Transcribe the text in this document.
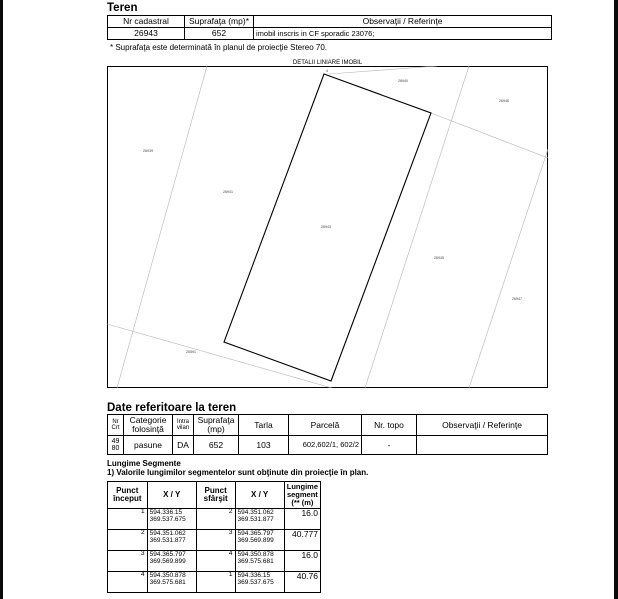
Teren
Nr cadastral	Suprafaţa (mp)*	Observaţii / Referinţe
26943	652	imobil inscris in CF sporadic 23076;
* Suprafaţa este determinată în planul de proiecţie Stereo 70.
DETALII LINIARE IMOBIL
26943
26939
26941
26945
26947
26946
26940
25591
4
Date referitoare la teren
Nr Crt	Categorie folosinţă	Intra vilan	Suprafaţa (mp)	Tarla	Parcelă	Nr. topo	Observaţii / Referinţe
49 80	pasune	DA	652	103	602,602/1, 602/2	-	
Lungime Segmente
1) Valorile lungimilor segmentelor sunt obţinute din proiecţie în plan.
Punct început	X / Y	Punct sfârşit	X / Y	Lungime segment (** (m)
1	594.336.15
369.537.675	2	594.351.062
369.531.877	16.0
2	594.351.062
369.531.877	3	594.365.797
369.569.899	40.777
3	594.365.797
369.569.899	4	594.350.878
369.575.681	16.0
4	594.350.878
369.575.681	1	594.336.15
369.537.675	40.76
